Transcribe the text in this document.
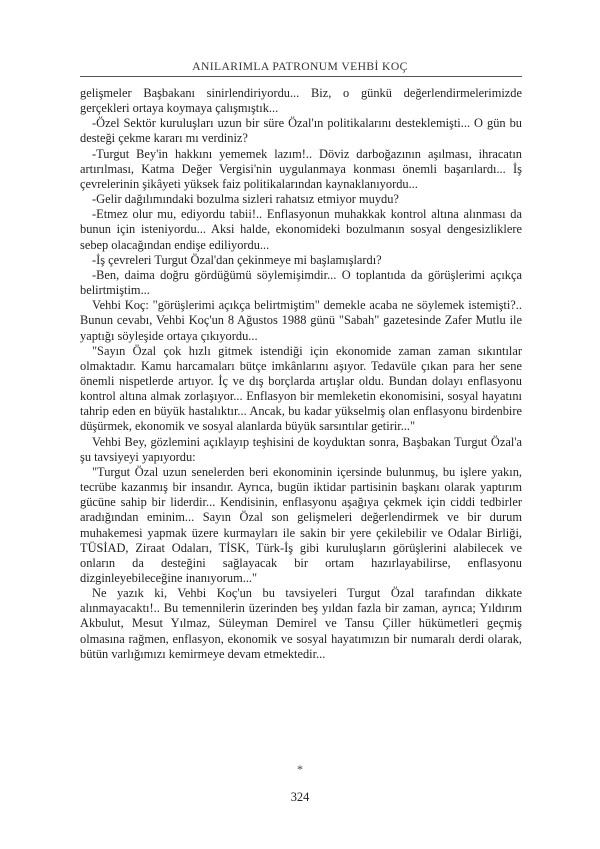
ANILARIMLA PATRONUM VEHBİ KOÇ

gelişmeler Başbakanı sinirlendiriyordu... Biz, o günkü değerlendirmelerimizde gerçekleri ortaya koymaya çalışmıştık...

-Özel Sektör kuruluşları uzun bir süre Özal'ın politikalarını desteklemişti... O gün bu desteği çekme kararı mı verdiniz?

-Turgut Bey'in hakkını yememek lazım!.. Döviz darboğazının aşılması, ihracatın artırılması, Katma Değer Vergisi'nin uygulanmaya konması önemli başarılardı... İş çevrelerinin şikâyeti yüksek faiz politikalarından kaynaklanıyordu...

-Gelir dağılımındaki bozulma sizleri rahatsız etmiyor muydu?

-Etmez olur mu, ediyordu tabii!.. Enflasyonun muhakkak kontrol altına alınması da bunun için isteniyordu... Aksi halde, ekonomideki bozulmanın sosyal dengesizliklere sebep olacağından endişe ediliyordu...

-İş çevreleri Turgut Özal'dan çekinmeye mi başlamışlardı?

-Ben, daima doğru gördüğümü söylemişimdir... O toplantıda da görüşlerimi açıkça belirtmiştim...

Vehbi Koç: "görüşlerimi açıkça belirtmiştim" demekle acaba ne söylemek istemişti?.. Bunun cevabı, Vehbi Koç'un 8 Ağustos 1988 günü "Sabah" gazetesinde Zafer Mutlu ile yaptığı söyleşide ortaya çıkıyordu...

"Sayın Özal çok hızlı gitmek istendiği için ekonomide zaman zaman sıkıntılar olmaktadır. Kamu harcamaları bütçe imkânlarını aşıyor. Tedavüle çıkan para her sene önemli nispetlerde artıyor. İç ve dış borçlarda artışlar oldu. Bundan dolayı enflasyonu kontrol altına almak zorlaşıyor... Enflasyon bir memleketin ekonomisini, sosyal hayatını tahrip eden en büyük hastalıktır... Ancak, bu kadar yükselmiş olan enflasyonu birdenbire düşürmek, ekonomik ve sosyal alanlarda büyük sarsıntılar getirir..."

Vehbi Bey, gözlemini açıklayıp teşhisini de koyduktan sonra, Başbakan Turgut Özal'a şu tavsiyeyi yapıyordu:

"Turgut Özal uzun senelerden beri ekonominin içersinde bulunmuş, bu işlere yakın, tecrübe kazanmış bir insandır. Ayrıca, bugün iktidar partisinin başkanı olarak yaptırım gücüne sahip bir liderdir... Kendisinin, enflasyonu aşağıya çekmek için ciddi tedbirler aradığından eminim... Sayın Özal son gelişmeleri değerlendirmek ve bir durum muhakemesi yapmak üzere kurmayları ile sakin bir yere çekilebilir ve Odalar Birliği, TÜSİAD, Ziraat Odaları, TİSK, Türk-İş gibi kuruluşların görüşlerini alabilecek ve onların da desteğini sağlayacak bir ortam hazırlayabilirse, enflasyonu dizginleyebileceğine inanıyorum..."

Ne yazık ki, Vehbi Koç'un bu tavsiyeleri Turgut Özal tarafından dikkate alınmayacaktı!.. Bu temennilerin üzerinden beş yıldan fazla bir zaman, ayrıca; Yıldırım Akbulut, Mesut Yılmaz, Süleyman Demirel ve Tansu Çiller hükümetleri geçmiş olmasına rağmen, enflasyon, ekonomik ve sosyal hayatımızın bir numaralı derdi olarak, bütün varlığımızı kemirmeye devam etmektedir...

*
324
